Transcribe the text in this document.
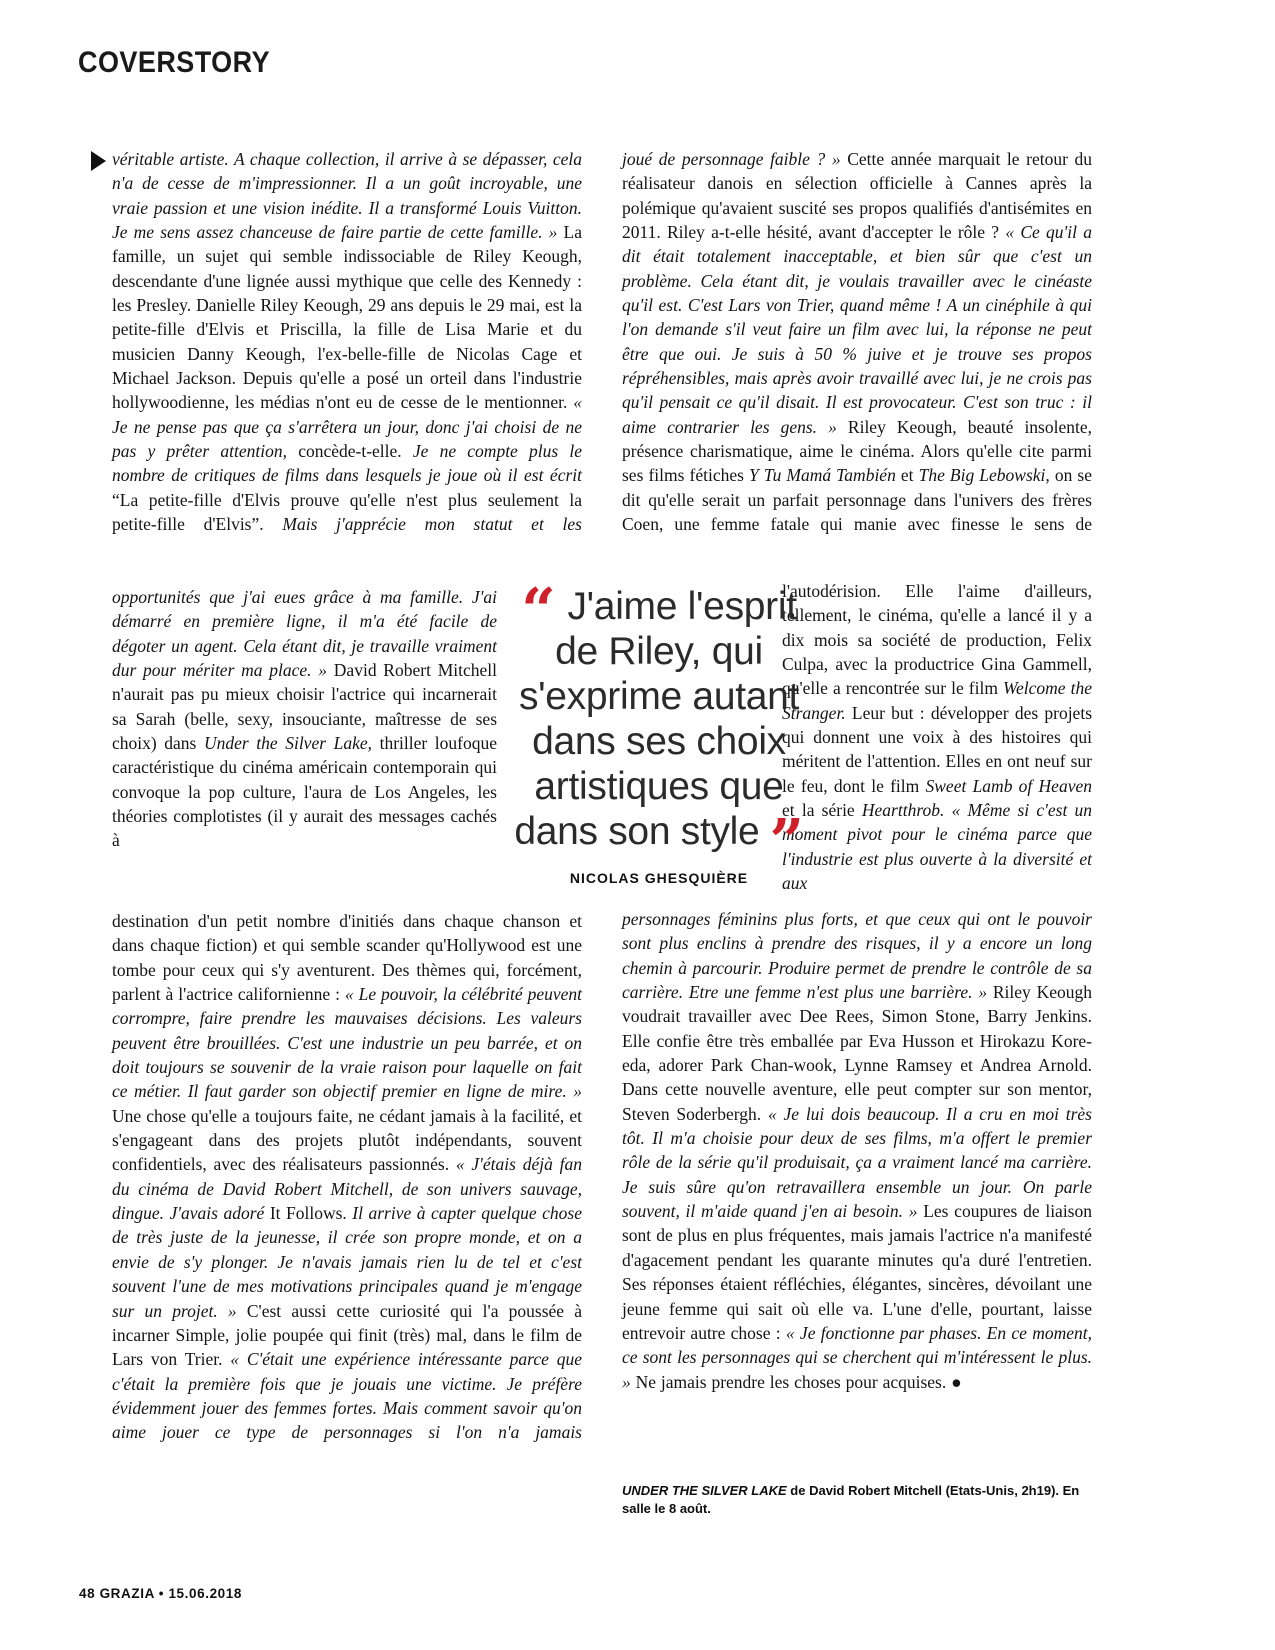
COVERSTORY
véritable artiste. A chaque collection, il arrive à se dépasser, cela n'a de cesse de m'impressionner. Il a un goût incroyable, une vraie passion et une vision inédite. Il a transformé Louis Vuitton. Je me sens assez chanceuse de faire partie de cette famille. » La famille, un sujet qui semble indissociable de Riley Keough, descendante d'une lignée aussi mythique que celle des Kennedy : les Presley. Danielle Riley Keough, 29 ans depuis le 29 mai, est la petite-fille d'Elvis et Priscilla, la fille de Lisa Marie et du musicien Danny Keough, l'ex-belle-fille de Nicolas Cage et Michael Jackson. Depuis qu'elle a posé un orteil dans l'industrie hollywoodienne, les médias n'ont eu de cesse de le mentionner. « Je ne pense pas que ça s'arrêtera un jour, donc j'ai choisi de ne pas y prêter attention, concède-t-elle. Je ne compte plus le nombre de critiques de films dans lesquels je joue où il est écrit “La petite-fille d'Elvis prouve qu'elle n'est plus seulement la petite-fille d'Elvis”. Mais j'apprécie mon statut et les
opportunités que j'ai eues grâce à ma famille. J'ai démarré en première ligne, il m'a été facile de dégoter un agent. Cela étant dit, je travaille vraiment dur pour mériter ma place. » David Robert Mitchell n'aurait pas pu mieux choisir l'actrice qui incarnerait sa Sarah (belle, sexy, insouciante, maîtresse de ses choix) dans Under the Silver Lake, thriller loufoque caractéristique du cinéma américain contemporain qui convoque la pop culture, l'aura de Los Angeles, les théories complotistes (il y aurait des messages cachés à
destination d'un petit nombre d'initiés dans chaque chanson et dans chaque fiction) et qui semble scander qu'Hollywood est une tombe pour ceux qui s'y aventurent. Des thèmes qui, forcément, parlent à l'actrice californienne : « Le pouvoir, la célébrité peuvent corrompre, faire prendre les mauvaises décisions. Les valeurs peuvent être brouillées. C'est une industrie un peu barrée, et on doit toujours se souvenir de la vraie raison pour laquelle on fait ce métier. Il faut garder son objectif premier en ligne de mire. » Une chose qu'elle a toujours faite, ne cédant jamais à la facilité, et s'engageant dans des projets plutôt indépendants, souvent confidentiels, avec des réalisateurs passionnés. « J'étais déjà fan du cinéma de David Robert Mitchell, de son univers sauvage, dingue. J'avais adoré It Follows. Il arrive à capter quelque chose de très juste de la jeunesse, il crée son propre monde, et on a envie de s'y plonger. Je n'avais jamais rien lu de tel et c'est souvent l'une de mes motivations principales quand je m'engage sur un projet. » C'est aussi cette curiosité qui l'a poussée à incarner Simple, jolie poupée qui finit (très) mal, dans le film de Lars von Trier. « C'était une expérience intéressante parce que c'était la première fois que je jouais une victime. Je préfère évidemment jouer des femmes fortes. Mais comment savoir qu'on aime jouer ce type de personnages si l'on n'a jamais
joué de personnage faible ? » Cette année marquait le retour du réalisateur danois en sélection officielle à Cannes après la polémique qu'avaient suscité ses propos qualifiés d'antisémites en 2011. Riley a-t-elle hésité, avant d'accepter le rôle ? « Ce qu'il a dit était totalement inacceptable, et bien sûr que c'est un problème. Cela étant dit, je voulais travailler avec le cinéaste qu'il est. C'est Lars von Trier, quand même ! A un cinéphile à qui l'on demande s'il veut faire un film avec lui, la réponse ne peut être que oui. Je suis à 50 % juive et je trouve ses propos répréhensibles, mais après avoir travaillé avec lui, je ne crois pas qu'il pensait ce qu'il disait. Il est provocateur. C'est son truc : il aime contrarier les gens. » Riley Keough, beauté insolente, présence charismatique, aime le cinéma. Alors qu'elle cite parmi ses films fétiches Y Tu Mamá También et The Big Lebowski, on se dit qu'elle serait un parfait personnage dans l'univers des frères Coen, une femme fatale qui manie avec finesse le sens de
l'autodérision. Elle l'aime d'ailleurs, tellement, le cinéma, qu'elle a lancé il y a dix mois sa société de production, Felix Culpa, avec la productrice Gina Gammell, qu'elle a rencontrée sur le film Welcome the Stranger. Leur but : développer des projets qui donnent une voix à des histoires qui méritent de l'attention. Elles en ont neuf sur le feu, dont le film Sweet Lamb of Heaven et la série Heartthrob. « Même si c'est un moment pivot pour le cinéma parce que l'industrie est plus ouverte à la diversité et aux
personnages féminins plus forts, et que ceux qui ont le pouvoir sont plus enclins à prendre des risques, il y a encore un long chemin à parcourir. Produire permet de prendre le contrôle de sa carrière. Etre une femme n'est plus une barrière. » Riley Keough voudrait travailler avec Dee Rees, Simon Stone, Barry Jenkins. Elle confie être très emballée par Eva Husson et Hirokazu Kore-eda, adorer Park Chan-wook, Lynne Ramsey et Andrea Arnold. Dans cette nouvelle aventure, elle peut compter sur son mentor, Steven Soderbergh. « Je lui dois beaucoup. Il a cru en moi très tôt. Il m'a choisie pour deux de ses films, m'a offert le premier rôle de la série qu'il produisait, ça a vraiment lancé ma carrière. Je suis sûre qu'on retravaillera ensemble un jour. On parle souvent, il m'aide quand j'en ai besoin. » Les coupures de liaison sont de plus en plus fréquentes, mais jamais l'actrice n'a manifesté d'agacement pendant les quarante minutes qu'a duré l'entretien. Ses réponses étaient réfléchies, élégantes, sincères, dévoilant une jeune femme qui sait où elle va. L'une d'elle, pourtant, laisse entrevoir autre chose : « Je fonctionne par phases. En ce moment, ce sont les personnages qui se cherchent qui m'intéressent le plus. » Ne jamais prendre les choses pour acquises. ●
“ J'aime l'esprit
de Riley, qui
s'exprime autant
dans ses choix
artistiques que
dans son style ”
NICOLAS GHESQUIÈRE
UNDER THE SILVER LAKE de David Robert Mitchell (Etats-Unis, 2h19). En salle le 8 août.
48 GRAZIA • 15.06.2018
